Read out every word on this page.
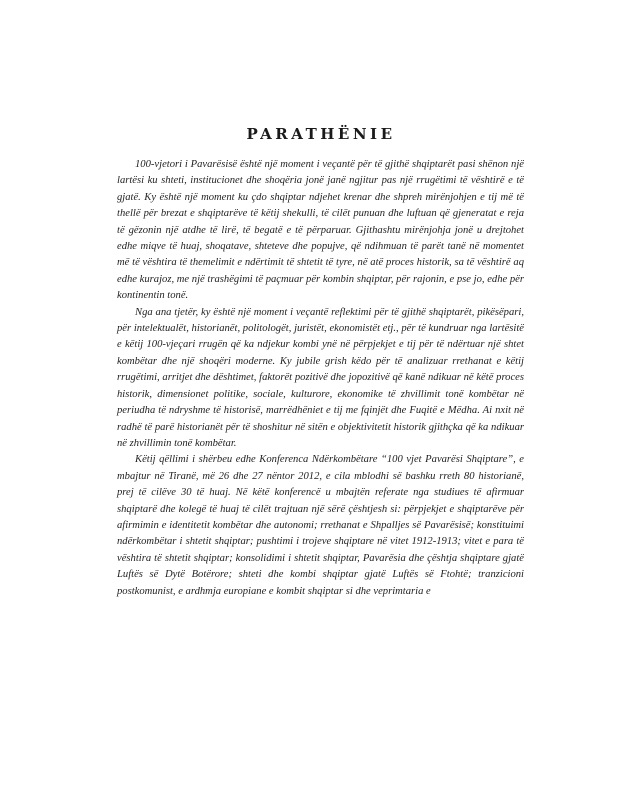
PARATHËNIE

100-vjetori i Pavarësisë është një moment i veçantë për të gjithë shqiptarët pasi shënon një lartësi ku shteti, institucionet dhe shoqëria jonë janë ngjitur pas një rrugëtimi të vështirë e të gjatë. Ky është një moment ku çdo shqiptar ndjehet krenar dhe shpreh mirënjohjen e tij më të thellë për brezat e shqiptarëve të këtij shekulli, të cilët punuan dhe luftuan që gjeneratat e reja të gëzonin një atdhe të lirë, të begatë e të përparuar. Gjithashtu mirënjohja jonë u drejtohet edhe miqve të huaj, shoqatave, shteteve dhe popujve, që ndihmuan të parët tanë në momentet më të vështira të themelimit e ndërtimit të shtetit të tyre, në atë proces historik, sa të vështirë aq edhe kurajoz, me një trashëgimi të paçmuar për kombin shqiptar, për rajonin, e pse jo, edhe për kontinentin tonë.

Nga ana tjetër, ky është një moment i veçantë reflektimi për të gjithë shqiptarët, pikësëpari, për intelektualët, historianët, politologët, juristët, ekonomistët etj., për të kundruar nga lartësitë e këtij 100-vjeçari rrugën që ka ndjekur kombi ynë në përpjekjet e tij për të ndërtuar një shtet kombëtar dhe një shoqëri moderne. Ky jubile grish këdo për të analizuar rrethanat e këtij rrugëtimi, arritjet dhe dështimet, faktorët pozitivë dhe jopozitivë që kanë ndikuar në këtë proces historik, dimensionet politike, sociale, kulturore, ekonomike të zhvillimit tonë kombëtar në periudha të ndryshme të historisë, marrëdhëniet e tij me fqinjët dhe Fuqitë e Mëdha. Ai nxit në radhë të parë historianët për të shoshitur në sitën e objektivitetit historik gjithçka që ka ndikuar në zhvillimin tonë kombëtar.

Këtij qëllimi i shërbeu edhe Konferenca Ndërkombëtare “100 vjet Pavarësi Shqiptare”, e mbajtur në Tiranë, më 26 dhe 27 nëntor 2012, e cila mblodhi së bashku rreth 80 historianë, prej të cilëve 30 të huaj. Në këtë konferencë u mbajtën referate nga studiues të afirmuar shqiptarë dhe kolegë të huaj të cilët trajtuan një sërë çështjesh si: përpjekjet e shqiptarëve për afirmimin e identitetit kombëtar dhe autonomi; rrethanat e Shpalljes së Pavarësisë; konstituimi ndërkombëtar i shtetit shqiptar; pushtimi i trojeve shqiptare në vitet 1912-1913; vitet e para të vështira të shtetit shqiptar; konsolidimi i shtetit shqiptar, Pavarësia dhe çështja shqiptare gjatë Luftës së Dytë Botërore; shteti dhe kombi shqiptar gjatë Luftës së Ftohtë; tranzicioni postkomunist, e ardhmja europiane e kombit shqiptar si dhe veprimtaria e
